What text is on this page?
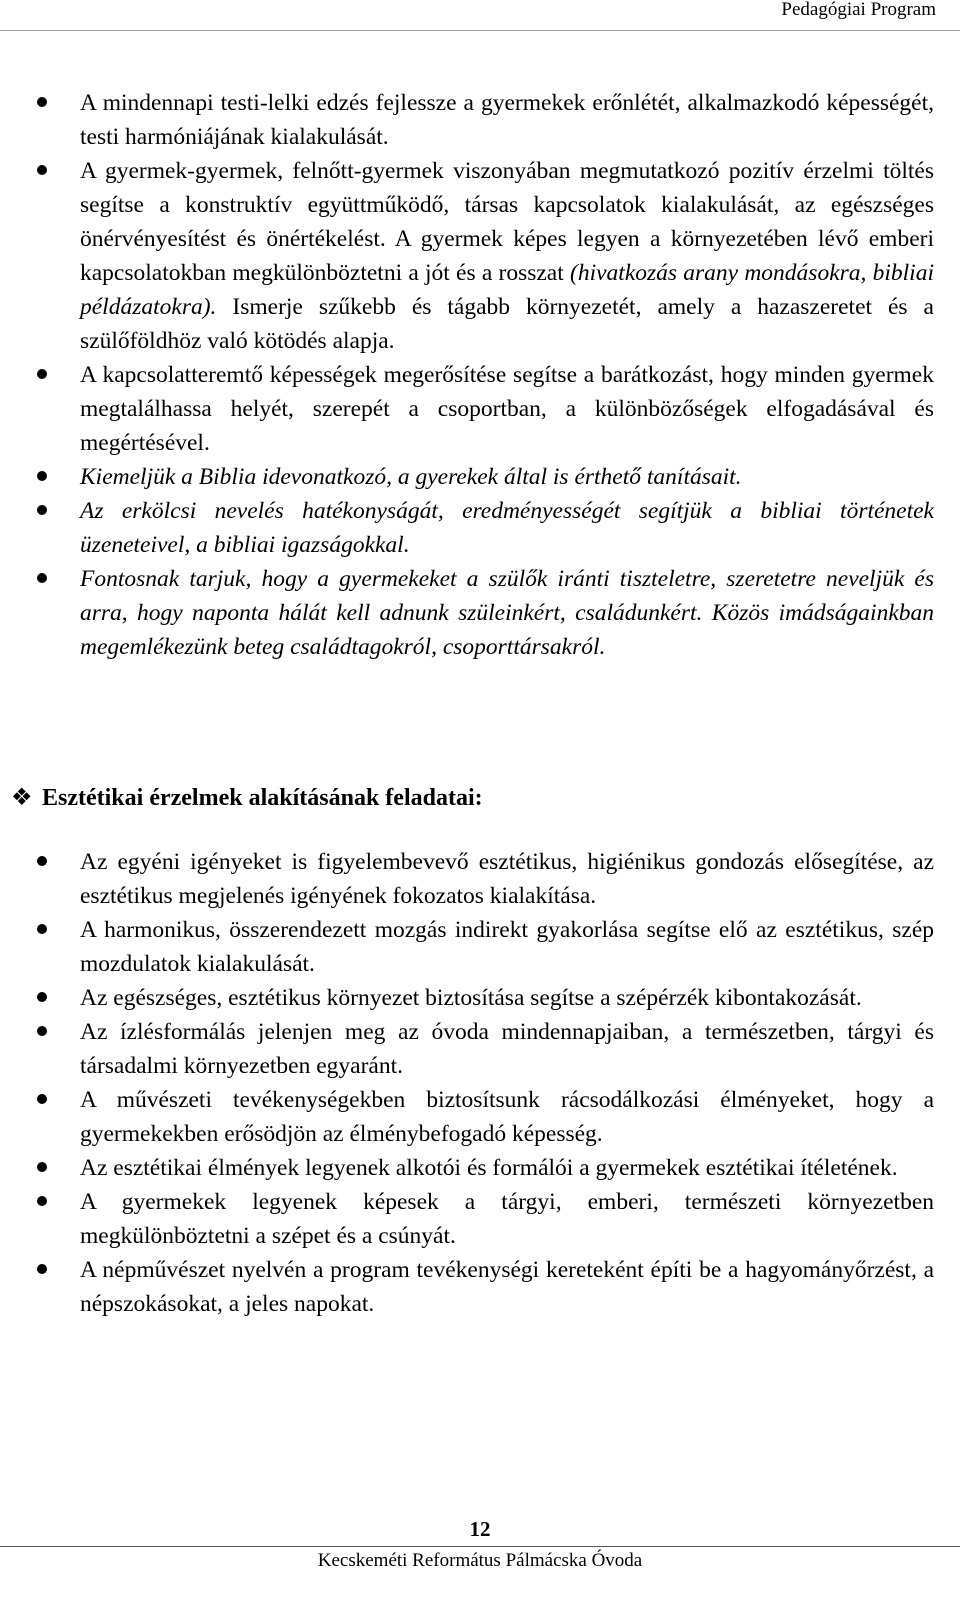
Pedagógiai Program
A mindennapi testi-lelki edzés fejlessze a gyermekek erőnlétét, alkalmazkodó képességét, testi harmóniájának kialakulását.
A gyermek-gyermek, felnőtt-gyermek viszonyában megmutatkozó pozitív érzelmi töltés segítse a konstruktív együttműködő, társas kapcsolatok kialakulását, az egészséges önérvényesítést és önértékelést. A gyermek képes legyen a környezetében lévő emberi kapcsolatokban megkülönböztetni a jót és a rosszat (hivatkozás arany mondásokra, bibliai példázatokra). Ismerje szűkebb és tágabb környezetét, amely a hazaszeretet és a szülőföldhöz való kötödés alapja.
A kapcsolatteremtő képességek megerősítése segítse a barátkozást, hogy minden gyermek megtalálhassa helyét, szerepét a csoportban, a különbözőségek elfogadásával és megértésével.
Kiemeljük a Biblia idevonatkozó, a gyerekek által is érthető tanításait.
Az erkölcsi nevelés hatékonyságát, eredményességét segítjük a bibliai történetek üzeneteivel, a bibliai igazságokkal.
Fontosnak tarjuk, hogy a gyermekeket a szülők iránti tiszteletre, szeretetre neveljük és arra, hogy naponta hálát kell adnunk szüleinkért, családunkért. Közös imádságainkban megemlékezünk beteg családtagokról, csoporttársakról.
❖ Esztétikai érzelmek alakításának feladatai:
Az egyéni igényeket is figyelembevevő esztétikus, higiénikus gondozás elősegítése, az esztétikus megjelenés igényének fokozatos kialakítása.
A harmonikus, összerendezett mozgás indirekt gyakorlása segítse elő az esztétikus, szép mozdulatok kialakulását.
Az egészséges, esztétikus környezet biztosítása segítse a szépérzék kibontakozását.
Az ízlésformálás jelenjen meg az óvoda mindennapjaiban, a természetben, tárgyi és társadalmi környezetben egyaránt.
A művészeti tevékenységekben biztosítsunk rácsodálkozási élményeket, hogy a gyermekekben erősödjön az élménybefogadó képesség.
Az esztétikai élmények legyenek alkotói és formálói a gyermekek esztétikai ítéletének.
A gyermekek legyenek képesek a tárgyi, emberi, természeti környezetben megkülönböztetni a szépet és a csúnyát.
A népművészet nyelvén a program tevékenységi kereteként építi be a hagyományőrzést, a népszokásokat, a jeles napokat.
12
Kecskeméti Református Pálmácska Óvoda
